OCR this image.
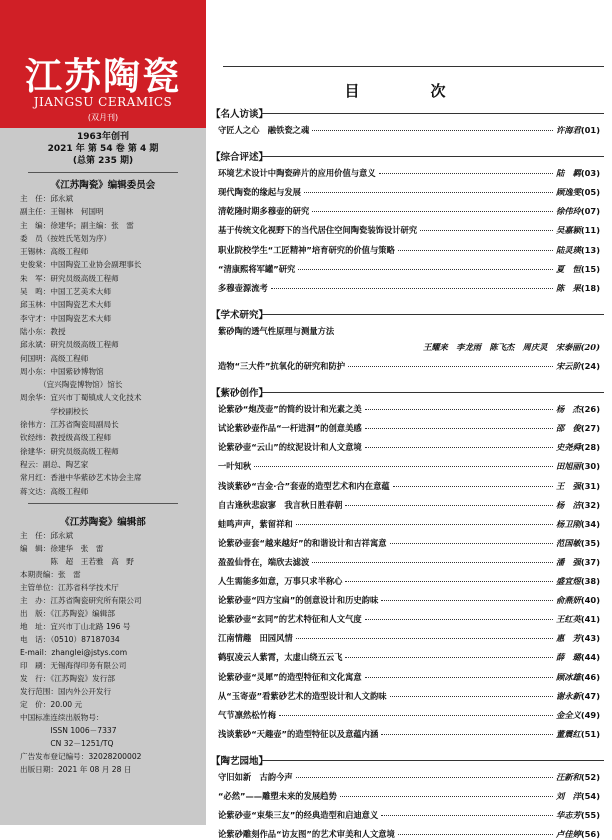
江苏陶瓷
JIANGSU CERAMICS
(双月刊)
1963年创刊
2021 年 第 54 卷 第 4 期
(总第 235 期)
《江苏陶瓷》编辑委员会
主　任：邱永斌
副主任：王锡林　何国明
主　编：徐建华；副主编：张　雷
委　员（按姓氏笔划为序）
王锡林：高级工程师
史俊棠：中国陶瓷工业协会副理事长
朱　军：研究员级高级工程师
吴　鸣：中国工艺美术大师
邱玉林：中国陶瓷艺术大师
李守才：中国陶瓷艺术大师
陆小东：教授
邱永斌：研究员级高级工程师
何国明：高级工程师
周小东：中国紫砂博物馆
　　　（宜兴陶瓷博物馆）馆长
周余华：宜兴市丁蜀镇成人文化技术
　　　　学校副校长
徐伟方：江苏省陶瓷局副局长
钦经纬：教授级高级工程师
徐建华：研究员级高级工程师
程云：副总、陶艺家
常月红：香港中华紫砂艺术协会主席
蒋文达：高级工程师
《江苏陶瓷》编辑部
主　任：邱永斌
编　辑：徐建华　张　雷
　　　　陈　超　王若雅　高　野
本期责编：张　雷
主管单位：江苏省科学技术厅
主　办：江苏省陶瓷研究所有限公司
出　版：《江苏陶瓷》编辑部
地　址：宜兴市丁山北路 196 号
电　话：（0510）87187034
E-mail：zhanglei@jstys.com
印　刷：无锡海得印务有限公司
发　行：《江苏陶瓷》发行部
发行范围：国内外公开发行
定　价：20.00 元
中国标准连续出版物号：
　　　　ISSN 1006－7337
　　　　CN 32－1251/TQ
广告发布登记编号：32028200002
出版日期：2021 年 08 月 28 日
目　次
【名人访谈】
守匠人之心　融铁瓷之魂	许海君 (01)
【综合评述】
环境艺术设计中陶瓷碎片的应用价值与意义	陆　羁 (03)
现代陶瓷的缘起与发展	顾逸雯 (05)
清乾隆时期多穆壶的研究	徐伟玲 (07)
基于传统文化视野下的当代居住空间陶瓷装饰设计研究	吴嘉颖 (11)
职业院校学生“工匠精神”培育研究的价值与策略	陆灵瑛 (13)
“清康熙将军罐”研究	夏　恒 (15)
多穆壶源流考	陈　果 (18)
【学术研究】
紫砂陶的透气性原理与测量方法
王耀来　李龙雨　陈飞杰　周庆灵　宋泰丽(20)
造物“三大件”抗氧化的研究和防护	宋云阶 (24)
【紫砂创作】
论紫砂“炮茂壶”的简约设计和光素之美	杨　杰 (26)
试论紫砂壶作品“一杆进洞”的创意美感	邵　俊 (27)
论紫砂壶“云山”的纹泥设计和人文意境	史尧舜 (28)
一叶知秋	田旭丽 (30)
浅谈紫砂“吉金·合”套壶的造型艺术和内在意蕴	王　强 (31)
自古逢秋悲寂寥　我言秋日胜春朝	杨　洁 (32)
蛙鸣声声，紫留祥和	杨卫刚 (34)
论紫砂壶套“越来越好”的和谐设计和吉祥寓意	范国敏 (35)
盈盈仙骨在，端欣去滤波	潘　强 (37)
人生需能多如意，万事只求半称心	盛宜煜 (38)
论紫砂壶“四方宝扁”的创意设计和历史韵味	俞燕妍 (40)
论紫砂壶“玄同”的艺术特征和人文气度	王红英 (41)
江南情趣　田园风情	惠　芳 (43)
鹤驭凌云人紫霄，太虚山绕五云飞	薛　璐 (44)
论紫砂壶“灵犀”的造型特征和文化寓意	顾冰雄 (46)
从“玉寄壶”看紫砂艺术的造型设计和人文韵味	谢永新 (47)
气节凛然松竹梅	金全义 (49)
浅谈紫砂“天趣壶”的造型特征以及意蕴内涵	董震红 (51)
【陶艺园地】
守旧如新　古韵今声	汪新和 (52)
“必然”——雕塑未来的发展趋势	刘　洋 (54)
论紫砂壶“束柴三友”的经典造型和启迪意义	华志芳 (55)
论紫砂雕刻作品“访友图”的艺术审美和人文意境	卢佳婷 (56)
